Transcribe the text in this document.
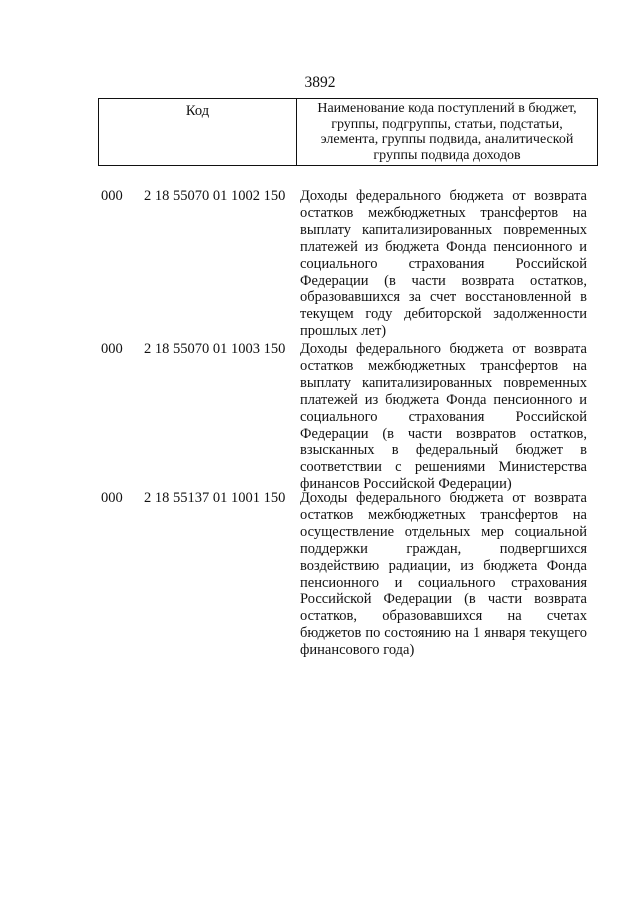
3892
Код	Наименование кода поступлений в бюджет,
группы, подгруппы, статьи, подстатьи,
элемента, группы подвида, аналитической
группы подвида доходов
000 2 18 55070 01 1002 150 Доходы федерального бюджета от возврата
остатков межбюджетных трансфертов на
выплату капитализированных повременных
платежей из бюджета Фонда пенсионного и
социального страхования Российской
Федерации (в части возврата остатков,
образовавшихся за счет восстановленной в
текущем году дебиторской задолженности
прошлых лет)
000 2 18 55070 01 1003 150 Доходы федерального бюджета от возврата
остатков межбюджетных трансфертов на
выплату капитализированных повременных
платежей из бюджета Фонда пенсионного и
социального страхования Российской
Федерации (в части возвратов остатков,
взысканных в федеральный бюджет в
соответствии с решениями Министерства
финансов Российской Федерации)
000 2 18 55137 01 1001 150 Доходы федерального бюджета от возврата
остатков межбюджетных трансфертов на
осуществление отдельных мер социальной
поддержки граждан, подвергшихся
воздействию радиации, из бюджета Фонда
пенсионного и социального страхования
Российской Федерации (в части возврата
остатков, образовавшихся на счетах
бюджетов по состоянию на 1 января текущего
финансового года)
